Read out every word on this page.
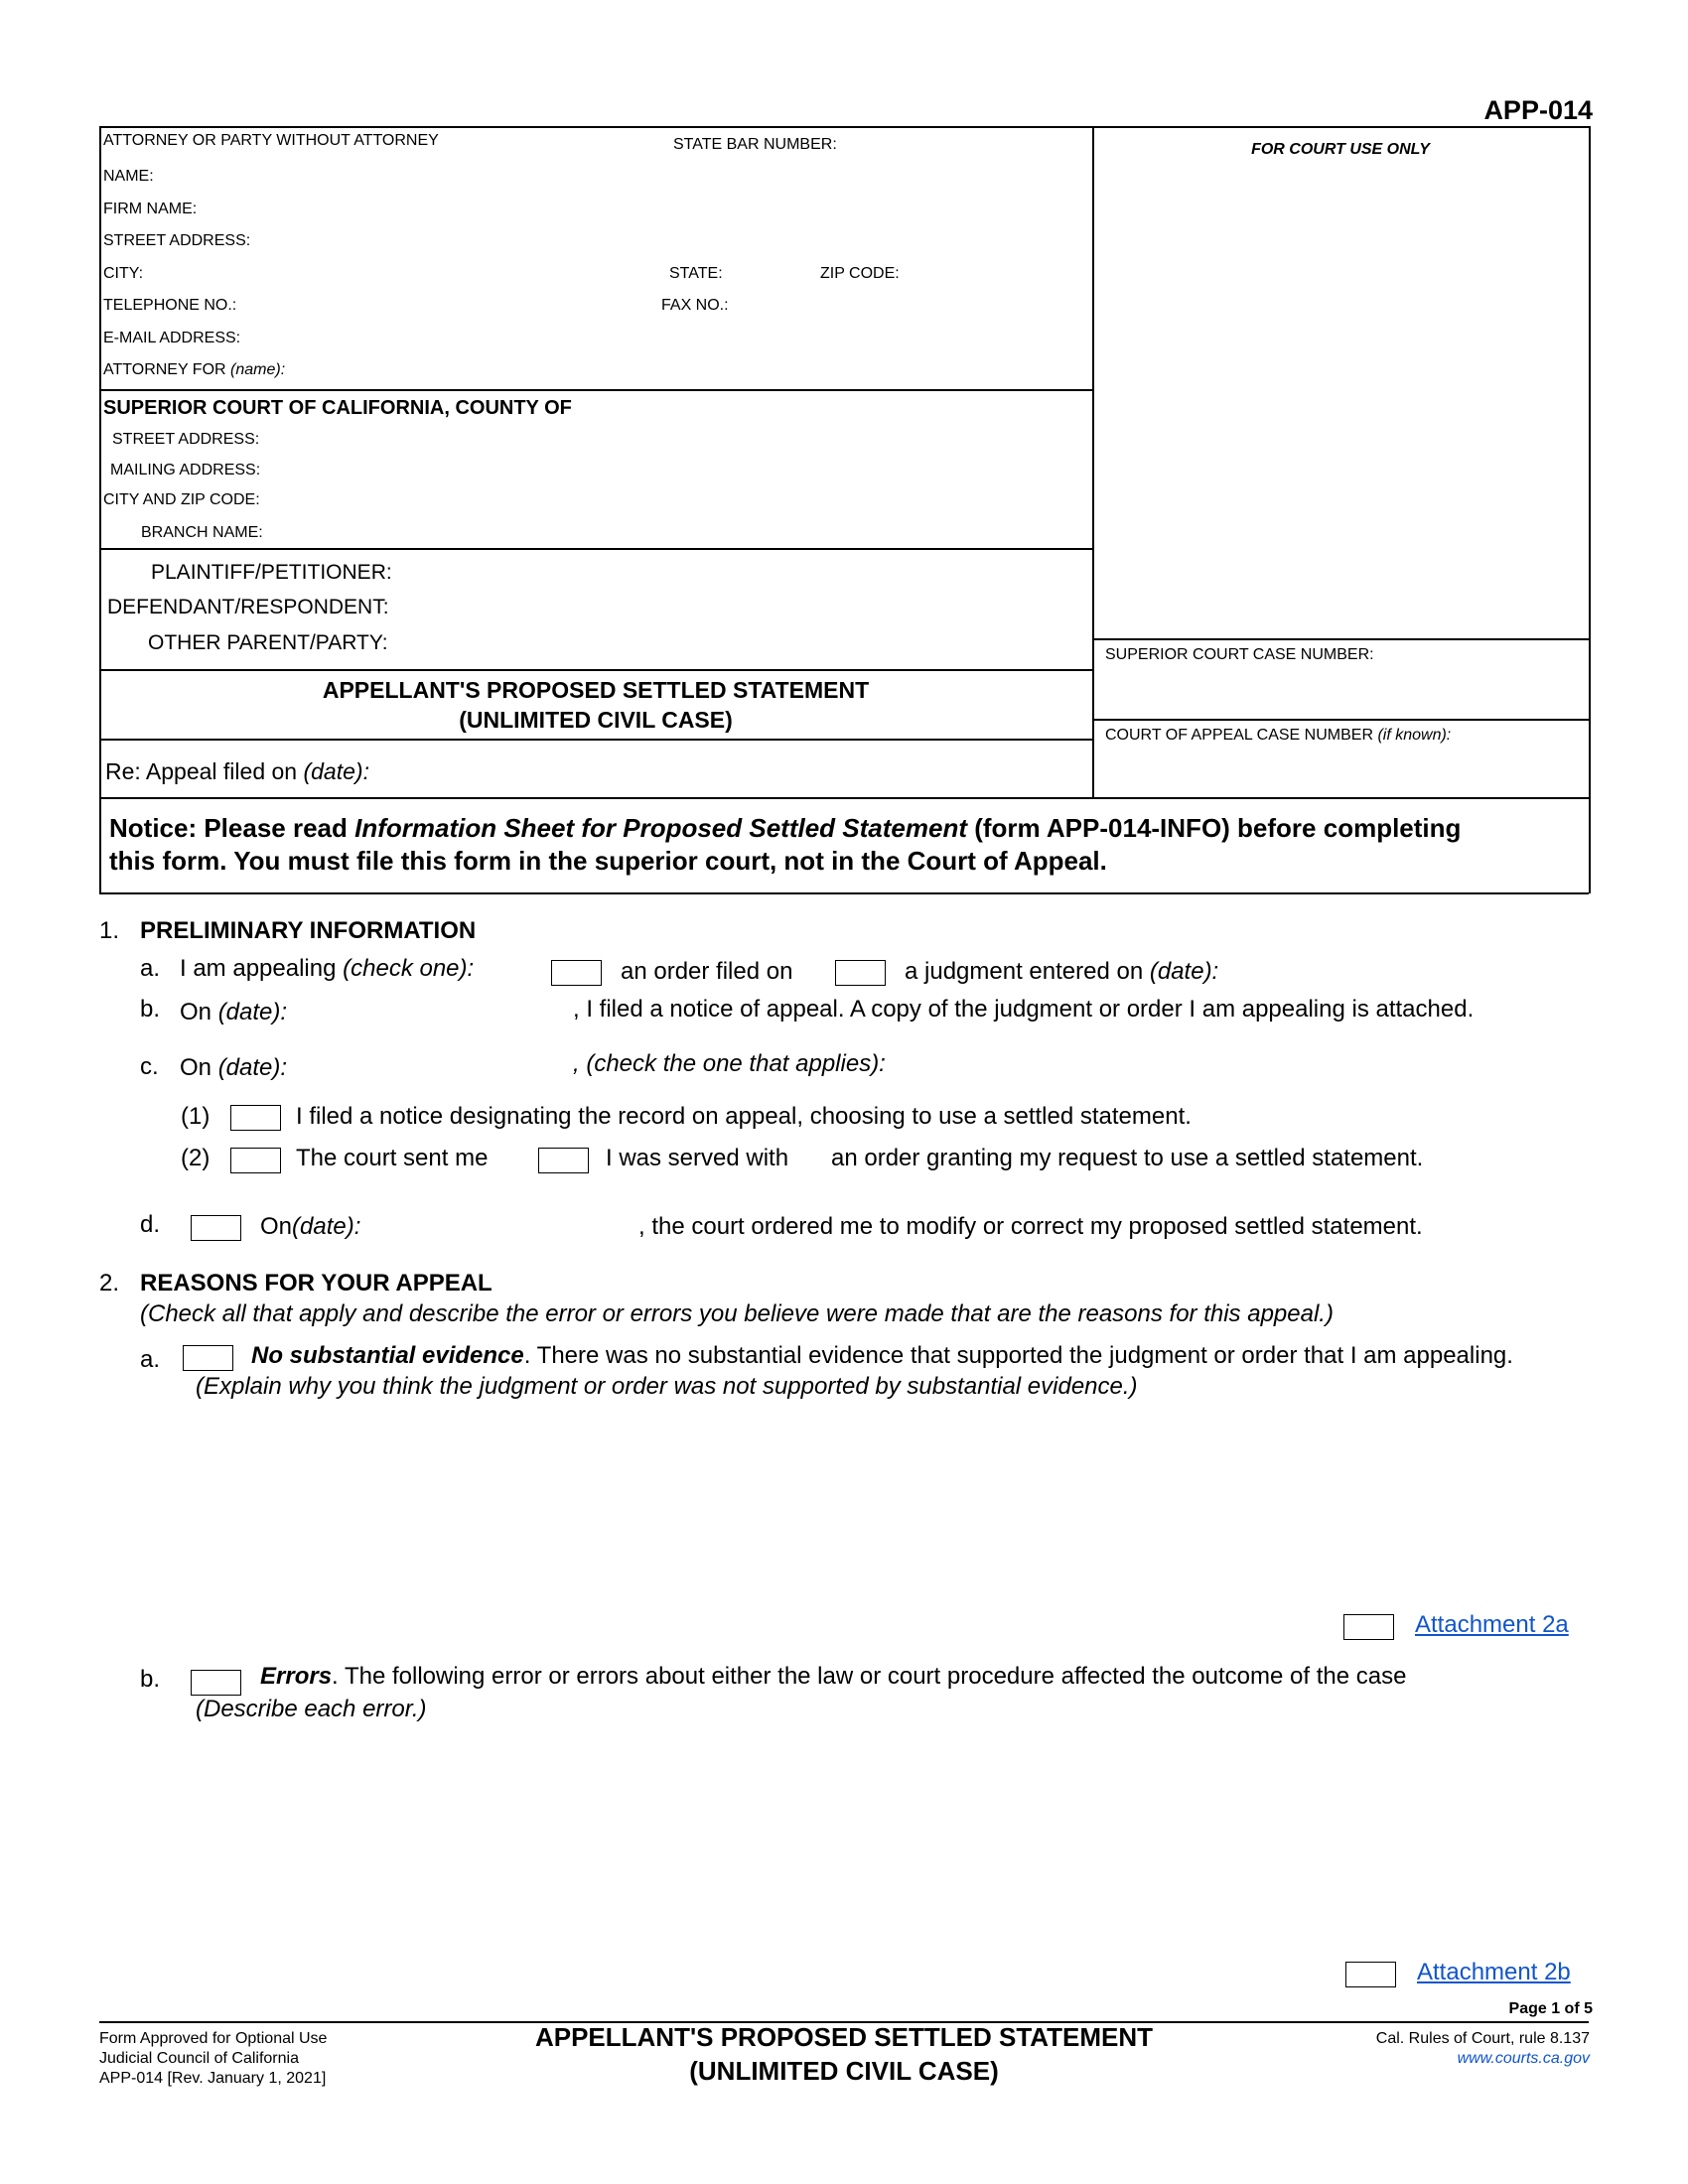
APP-014
ATTORNEY OR PARTY WITHOUT ATTORNEY	STATE BAR NUMBER:	FOR COURT USE ONLY
NAME:
FIRM NAME:
STREET ADDRESS:
CITY:	STATE:	ZIP CODE:
TELEPHONE NO.:	FAX NO.:
E-MAIL ADDRESS:
ATTORNEY FOR (name):
SUPERIOR COURT OF CALIFORNIA, COUNTY OF
STREET ADDRESS:
MAILING ADDRESS:
CITY AND ZIP CODE:
BRANCH NAME:
PLAINTIFF/PETITIONER:
DEFENDANT/RESPONDENT:
OTHER PARENT/PARTY:
SUPERIOR COURT CASE NUMBER:
COURT OF APPEAL CASE NUMBER (if known):
APPELLANT'S PROPOSED SETTLED STATEMENT
(UNLIMITED CIVIL CASE)
Re: Appeal filed on (date):
Notice: Please read Information Sheet for Proposed Settled Statement (form APP-014-INFO) before completing
this form. You must file this form in the superior court, not in the Court of Appeal.
1. PRELIMINARY INFORMATION
a. I am appealing (check one):	an order filed on	a judgment entered on (date):
b. On (date):	, I filed a notice of appeal. A copy of the judgment or order I am appealing is attached.
c. On (date):	, (check the one that applies):
(1)	I filed a notice designating the record on appeal, choosing to use a settled statement.
(2)	The court sent me	I was served with an order granting my request to use a settled statement.
d.	On(date):	, the court ordered me to modify or correct my proposed settled statement.
2. REASONS FOR YOUR APPEAL
(Check all that apply and describe the error or errors you believe were made that are the reasons for this appeal.)
a.	No substantial evidence. There was no substantial evidence that supported the judgment or order that I am appealing.
(Explain why you think the judgment or order was not supported by substantial evidence.)
Attachment 2a
b.	Errors. The following error or errors about either the law or court procedure affected the outcome of the case
(Describe each error.)
Attachment 2b
Page 1 of 5
Form Approved for Optional Use
Judicial Council of California
APP-014 [Rev. January 1, 2021]
APPELLANT'S PROPOSED SETTLED STATEMENT
(UNLIMITED CIVIL CASE)
Cal. Rules of Court, rule 8.137
www.courts.ca.gov
